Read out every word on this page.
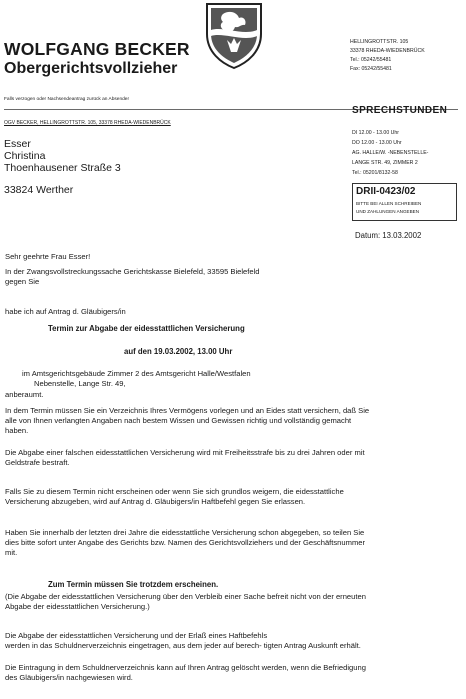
WOLFGANG BECKER
Obergerichtsvollzieher
HELLINGROTTSTR. 105
33378 RHEDA-WIEDENBRÜCK
Tel.: 05242/55481
Fax: 05242/55481
Falls verzogen oder Nachsendeantrag zurück an Absender
OGV BECKER, HELLINGROTTSTR. 105, 33378 RHEDA-WIEDENBRÜCK
Esser
Christina
Thoenhausener Straße 3
33824 Werther
SPRECHSTUNDEN
DI 12.00 - 13.00 Uhr
DO 12.00 - 13.00 Uhr
AG. HALLE/W. -NEBENSTELLE-
LANGE STR. 49, ZIMMER 2
Tel.: 05201/8132-58
DRII-0423/02
BITTE BEI ALLEN SCHREIBEN
UND ZAHLUNGEN ANGEBEN
Datum: 13.03.2002
Sehr geehrte Frau Esser!
In der Zwangsvollstreckungssache Gerichtskasse Bielefeld, 33595 Bielefeld
gegen Sie
habe ich auf Antrag d. Gläubigers/in
Termin zur Abgabe der eidesstattlichen Versicherung
auf den 19.03.2002, 13.00 Uhr
im Amtsgerichtsgebäude Zimmer 2 des Amtsgericht Halle/Westfalen
Nebenstelle, Lange Str. 49,
anberaumt.
In dem Termin müssen Sie ein Verzeichnis Ihres Vermögens vorlegen und an Eides statt versichern, daß Sie
alle von Ihnen verlangten Angaben nach bestem Wissen und Gewissen richtig und vollständig gemacht
haben.
Die Abgabe einer falschen eidesstattlichen Versicherung wird mit Freiheitsstrafe bis zu drei Jahren oder mit
Geldstrafe bestraft.
Falls Sie zu diesem Termin nicht erscheinen oder wenn Sie sich grundlos weigern, die eidesstattliche
Versicherung abzugeben, wird auf Antrag d. Gläubigers/in Haftbefehl gegen Sie erlassen.
Haben Sie innerhalb der letzten drei Jahre die eidesstattliche Versicherung schon abgegeben, so teilen Sie
dies bitte sofort unter Angabe des Gerichts bzw. Namen des Gerichtsvollziehers und der Geschäftsnummer
mit.
Zum Termin müssen Sie trotzdem erscheinen.
(Die Abgabe der eidesstattlichen Versicherung über den Verbleib einer Sache befreit nicht von der erneuten
Abgabe der eidesstattlichen Versicherung.)
Die Abgabe der eidesstattlichen Versicherung und der Erlaß eines Haftbefehls
werden in das Schuldnerverzeichnis eingetragen, aus dem jeder auf berech- tigten Antrag Auskunft erhält.
Die Eintragung in dem Schuldnerverzeichnis kann auf Ihren Antrag gelöscht werden, wenn die Befriedigung
des Gläubigers/in nachgewiesen wird.
